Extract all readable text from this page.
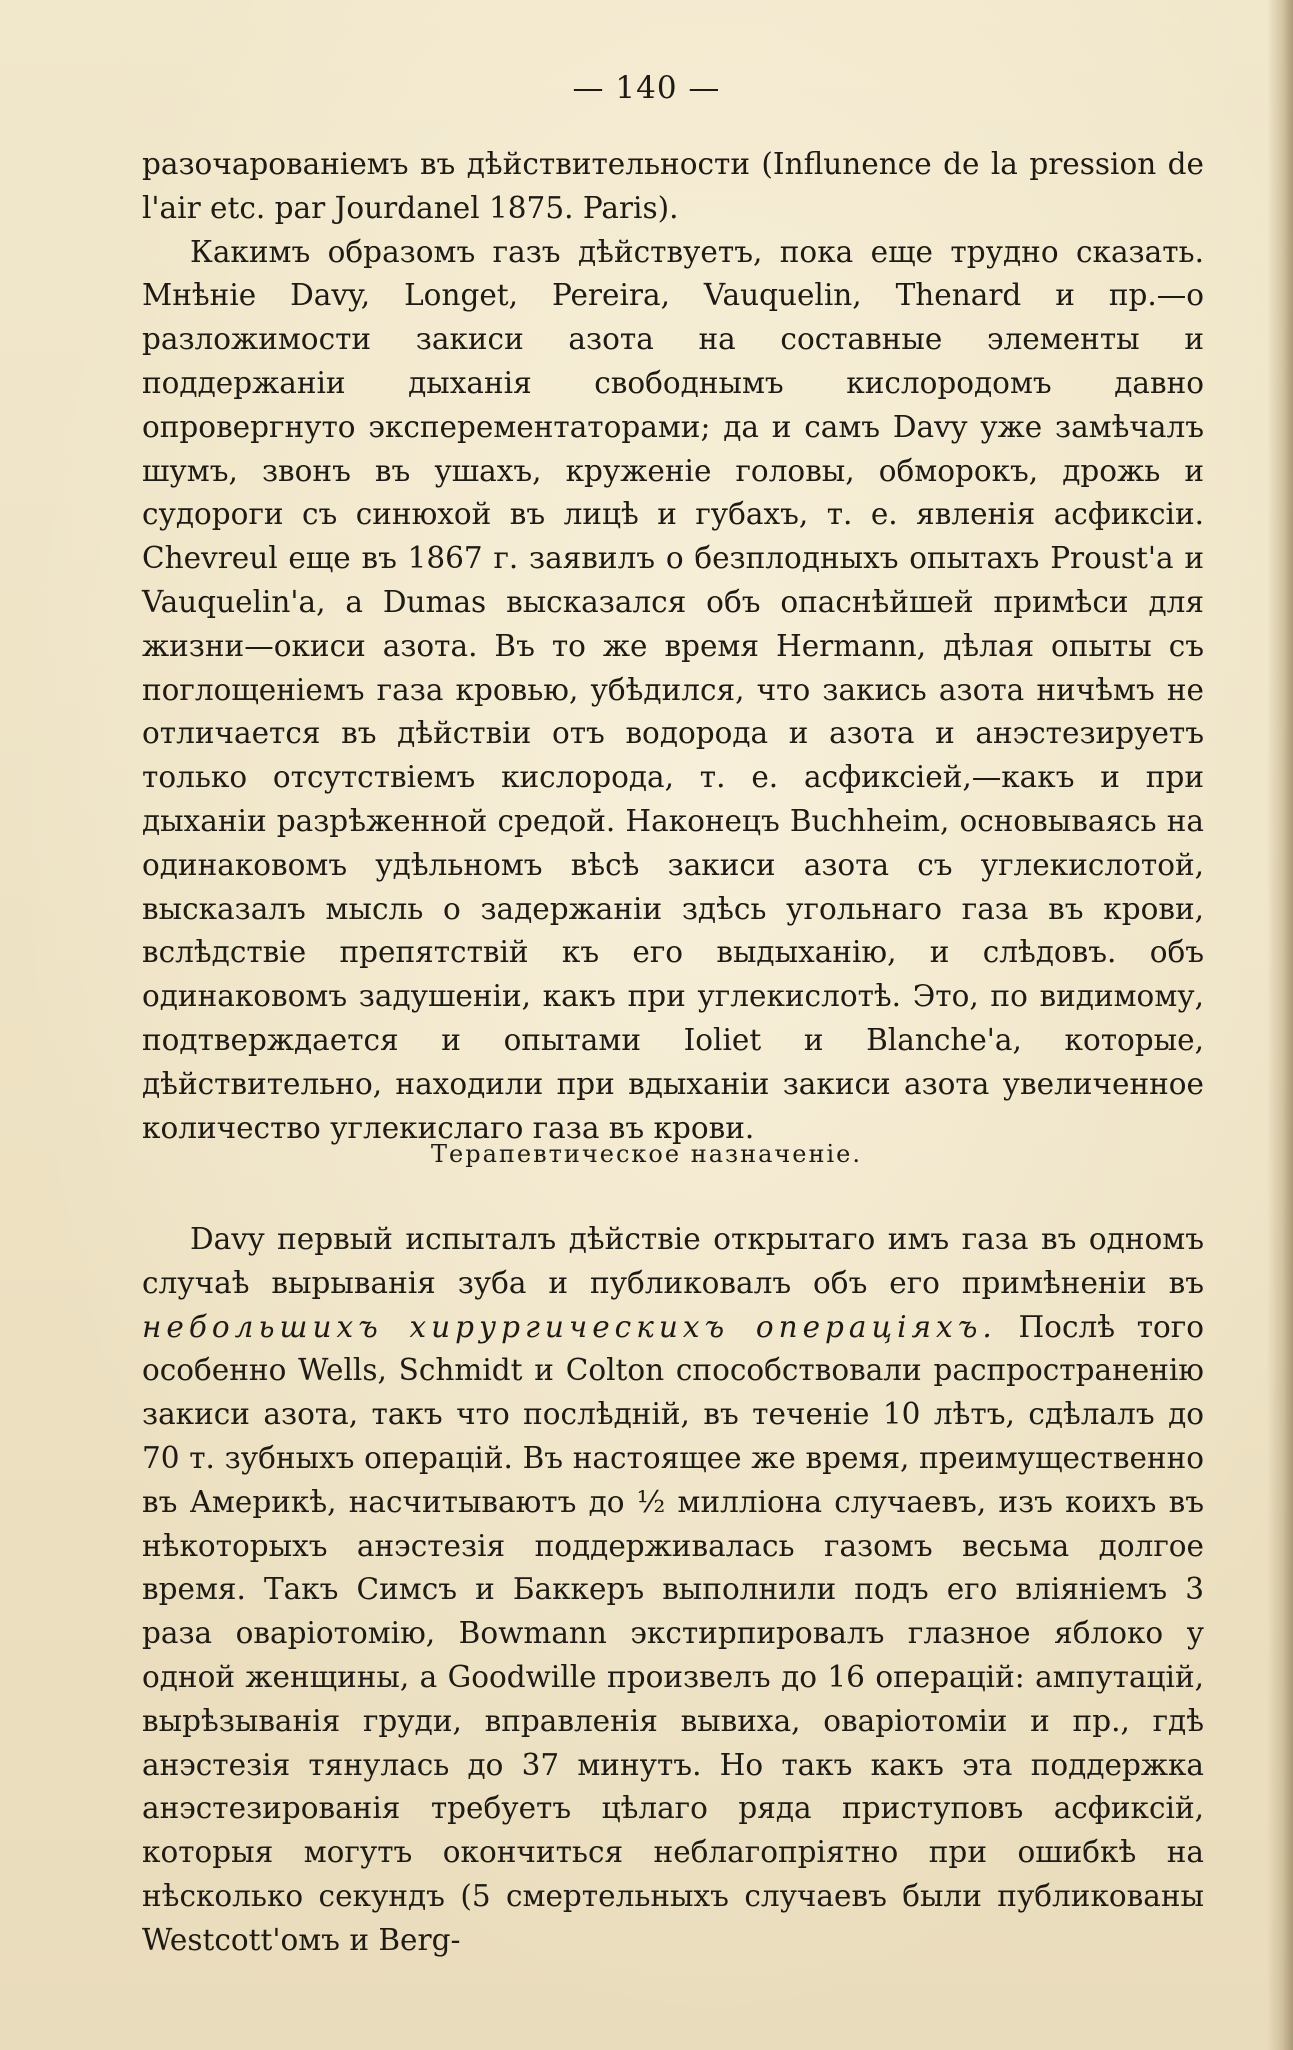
— 140 —

разочарованiемъ въ дѣйствительности (Influnence de la pression de l'air etc. par Jourdanel 1875. Paris).

Какимъ образомъ газъ дѣйствуетъ, пока еще трудно сказать. Мнѣнie Davy, Longet, Pereira, Vauquelin, Thenard и пр.—о разложимости закиси азота на составные элементы и поддержанiи дыханiя свободнымъ кислородомъ давно опровергнуто эксперементаторами; да и самъ Davy уже замѣчалъ шумъ, звонъ въ ушахъ, круженie головы, обморокъ, дрожь и судороги съ синюхой въ лицѣ и губахъ, т. е. явленiя асфиксiи. Chevreul еще въ 1867 г. заявилъ о безплодныхъ опытахъ Proust'а и Vauquelin'а, а Dumas высказался объ опаснѣйшей примѣси для жизни—окиси азота. Въ то же время Hermann, дѣлая опыты съ поглощенiемъ газа кровью, убѣдился, что закись азота ничѣмъ не отличается въ дѣйствiи отъ водорода и азота и анэстезируетъ только отсутствiемъ кислорода, т. е. асфиксiей,—какъ и при дыханiи разрѣженной средой. Наконецъ Buchheim, основываясь на одинаковомъ удѣльномъ вѣсѣ закиси азота съ углекислотой, высказалъ мысль о задержанiи здѣсь угольнаго газа въ крови, вслѣдствie препятствiй къ его выдыханiю, и слѣдовъ. объ одинаковомъ задушенiи, какъ при углекислотѣ. Это, по видимому, подтверждается и опытами Ioliet и Blanche'а, которые, дѣйствительно, находили при вдыханiи закиси азота увеличенное количество углекислаго газа въ крови.

Терапевтическое назначенie.

Davy первый испыталъ дѣйствie открытаго имъ газа въ одномъ случаѣ вырыванiя зуба и публиковалъ объ его примѣненiи въ небольшихъ хирургическихъ операцiяхъ. Послѣ того особенно Wells, Schmidt и Colton способствовали распространенiю закиси азота, такъ что послѣднiй, въ теченie 10 лѣтъ, сдѣлалъ до 70 т. зубныхъ операцiй. Въ настоящее же время, преимущественно въ Америкѣ, насчитываютъ до ½ миллiона случаевъ, изъ коихъ въ нѣкоторыхъ анэстезiя поддерживалась газомъ весьма долгое время. Такъ Симсъ и Баккеръ выполнили подъ его влiянiемъ 3 раза оварiотомiю, Bowmann экстирпировалъ глазное яблоко у одной женщины, а Goodwille произвелъ до 16 операцiй: ампутацiй, вырѣзыванiя груди, вправленiя вывиха, оварiотомiи и пр., гдѣ анэстезiя тянулась до 37 минутъ. Но такъ какъ эта поддержка анэстезированiя требуетъ цѣлаго ряда приступовъ асфиксiй, которыя могутъ окончиться неблагопрiятно при ошибкѣ на нѣсколько секундъ (5 смертельныхъ случаевъ были публикованы Westcott'омъ и Berg-
